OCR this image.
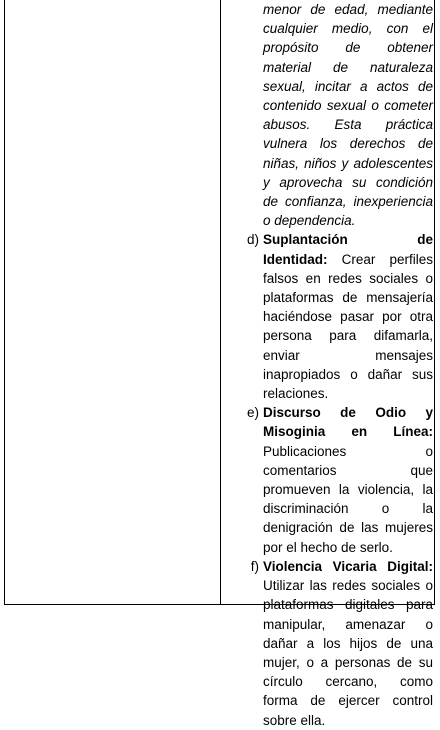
menor de edad, mediante cualquier medio, con el propósito de obtener material de naturaleza sexual, incitar a actos de contenido sexual o cometer abusos. Esta práctica vulnera los derechos de niñas, niños y adolescentes y aprovecha su condición de confianza, inexperiencia o dependencia.
d) Suplantación de Identidad: Crear perfiles falsos en redes sociales o plataformas de mensajería haciéndose pasar por otra persona para difamarla, enviar mensajes inapropiados o dañar sus relaciones.
e) Discurso de Odio y Misoginia en Línea: Publicaciones o comentarios que promueven la violencia, la discriminación o la denigración de las mujeres por el hecho de serlo.
f) Violencia Vicaria Digital: Utilizar las redes sociales o plataformas digitales para manipular, amenazar o dañar a los hijos de una mujer, o a personas de su círculo cercano, como forma de ejercer control sobre ella.
